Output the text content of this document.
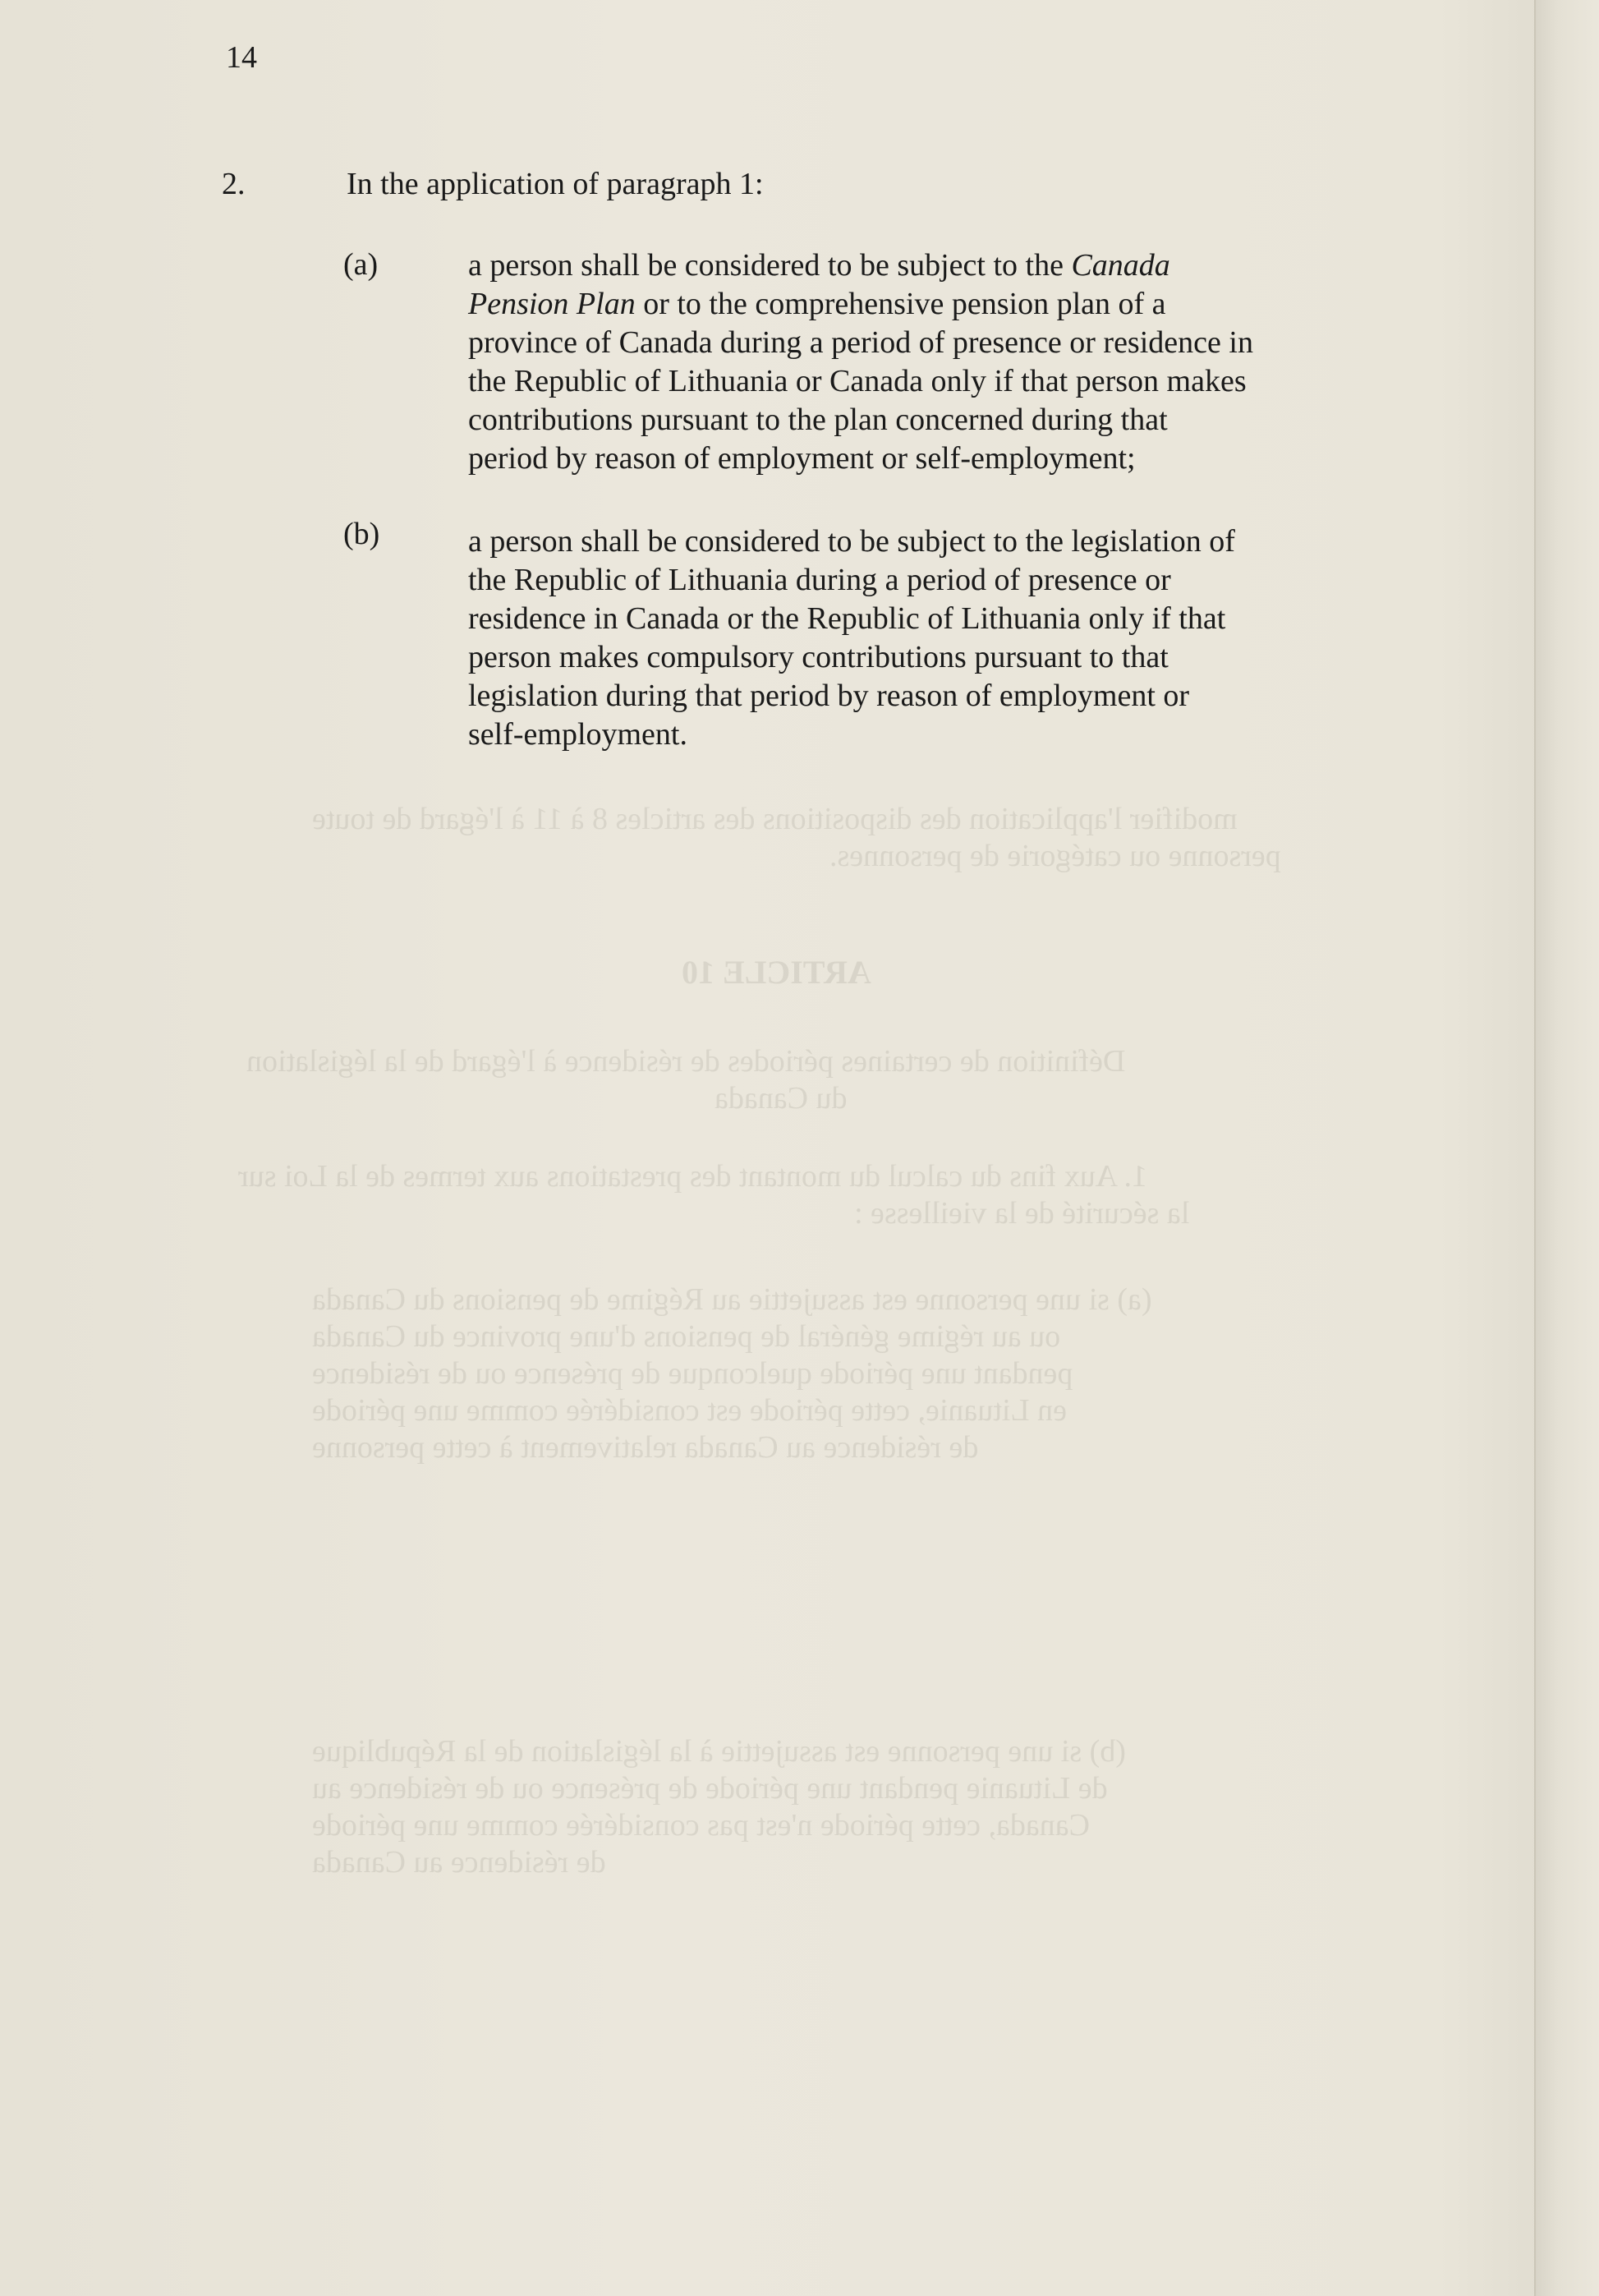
modifier l'application des dispositions des articles 8 à 11 à l'égard de toute
personne ou catégorie de personnes.
ARTICLE 10
Définition de certaines périodes de résidence à l'égard de la législation
du Canada
1. Aux fins du calcul du montant des prestations aux termes de la Loi sur
la sécurité de la vieillesse :
(a) si une personne est assujettie au Régime de pensions du Canada
ou au régime général de pensions d'une province du Canada
pendant une période quelconque de présence ou de résidence
en Lituanie, cette période est considérée comme une période
de résidence au Canada relativement à cette personne
(b) si une personne est assujettie à la législation de la République
de Lituanie pendant une période de présence ou de résidence au
Canada, cette période n'est pas considérée comme une période
de résidence au Canada
14
2.	In the application of paragraph 1:
(a)	a person shall be considered to be subject to the Canada
Pension Plan or to the comprehensive pension plan of a
province of Canada during a period of presence or residence in
the Republic of Lithuania or Canada only if that person makes
contributions pursuant to the plan concerned during that
period by reason of employment or self-employment;
(b)	a person shall be considered to be subject to the legislation of
the Republic of Lithuania during a period of presence or
residence in Canada or the Republic of Lithuania only if that
person makes compulsory contributions pursuant to that
legislation during that period by reason of employment or
self-employment.
